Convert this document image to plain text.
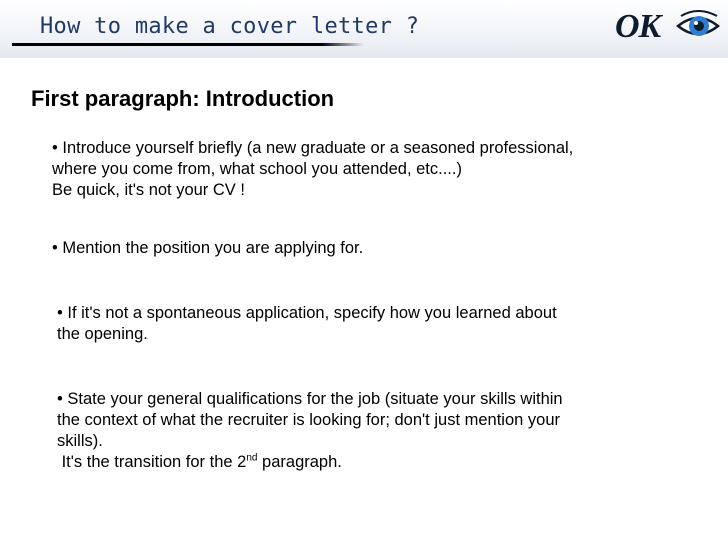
How to make a cover letter ?	OK
First paragraph: Introduction
• Introduce yourself briefly (a new graduate or a seasoned professional,
where you come from, what school you attended, etc....)
Be quick, it's not your CV !
• Mention the position you are applying for.
• If it's not a spontaneous application, specify how you learned about
the opening.
• State your general qualifications for the job (situate your skills within
the context of what the recruiter is looking for; don't just mention your
skills).
It's the transition for the 2nd paragraph.
